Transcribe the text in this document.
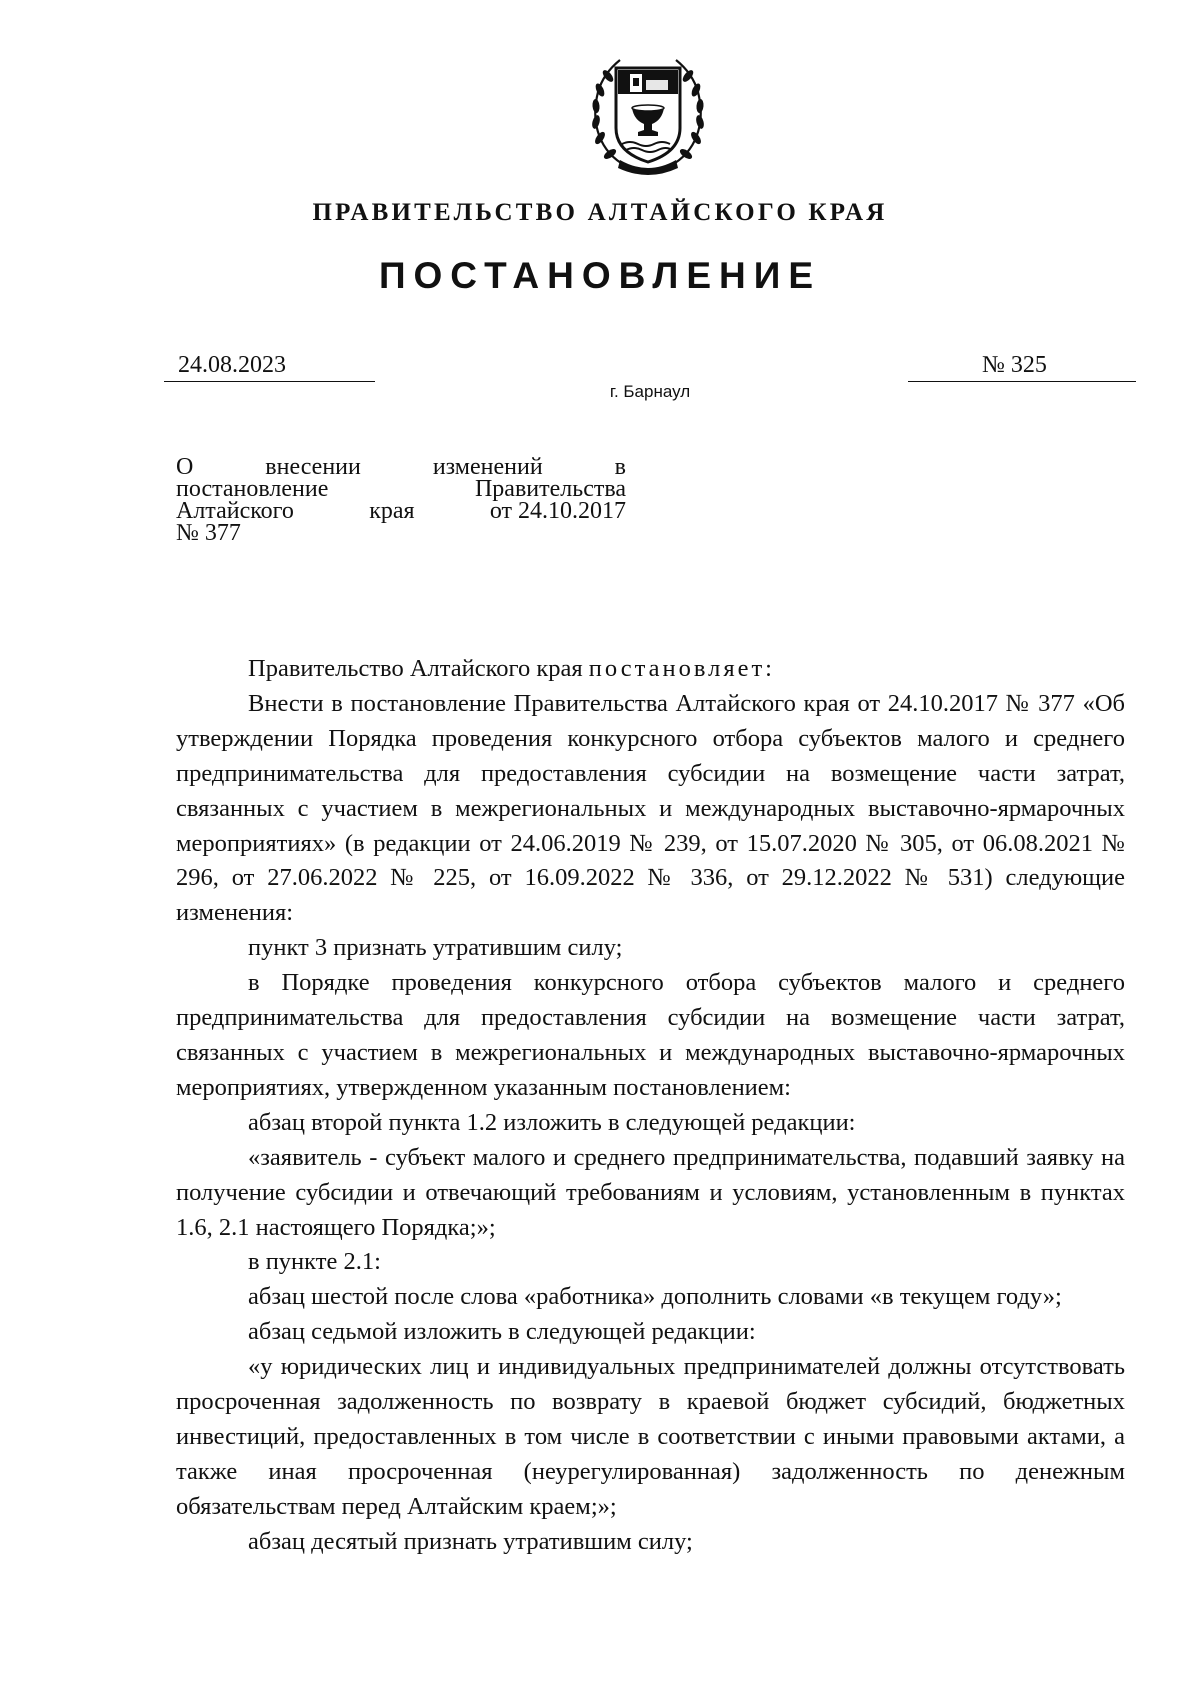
ПРАВИТЕЛЬСТВО АЛТАЙСКОГО КРАЯ
ПОСТАНОВЛЕНИЕ
24.08.2023	№ 325
г. Барнаул
О	внесении	изменений	в
постановление	Правительства
Алтайского	края	от 24.10.2017
№ 377

Правительство Алтайского края постановляет:

Внести в постановление Правительства Алтайского края от 24.10.2017 № 377 «Об утверждении Порядка проведения конкурсного отбора субъектов малого и среднего предпринимательства для предоставления субсидии на возмещение части затрат, связанных с участием в межрегиональных и международных выставочно-ярмарочных мероприятиях» (в редакции от 24.06.2019 № 239, от 15.07.2020 № 305, от 06.08.2021 № 296, от 27.06.2022 № 225, от 16.09.2022 № 336, от 29.12.2022 № 531) следующие изменения:

пункт 3 признать утратившим силу;

в Порядке проведения конкурсного отбора субъектов малого и среднего предпринимательства для предоставления субсидии на возмещение части затрат, связанных с участием в межрегиональных и международных выставочно-ярмарочных мероприятиях, утвержденном указанным постановлением:

абзац второй пункта 1.2 изложить в следующей редакции:

«заявитель - субъект малого и среднего предпринимательства, подавший заявку на получение субсидии и отвечающий требованиям и условиям, установленным в пунктах 1.6, 2.1 настоящего Порядка;»;

в пункте 2.1:

абзац шестой после слова «работника» дополнить словами «в текущем году»;

абзац седьмой изложить в следующей редакции:

«у юридических лиц и индивидуальных предпринимателей должны отсутствовать просроченная задолженность по возврату в краевой бюджет субсидий, бюджетных инвестиций, предоставленных в том числе в соответствии с иными правовыми актами, а также иная просроченная (неурегулированная) задолженность по денежным обязательствам перед Алтайским краем;»;

абзац десятый признать утратившим силу;
